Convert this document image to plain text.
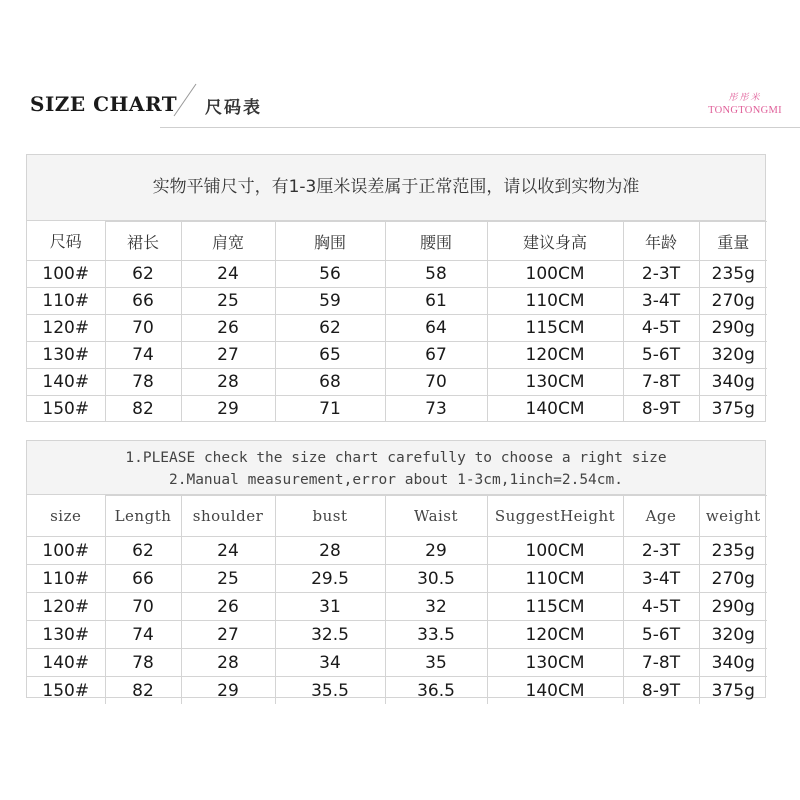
SIZE CHART 尺码表	彤彤米
TONGTONGMI
实物平铺尺寸，有1-3厘米误差属于正常范围，请以收到实物为准
尺码	裙长	肩宽	胸围	腰围	建议身高	年龄	重量
100#	62	24	56	58	100CM	2-3T	235g
110#	66	25	59	61	110CM	3-4T	270g
120#	70	26	62	64	115CM	4-5T	290g
130#	74	27	65	67	120CM	5-6T	320g
140#	78	28	68	70	130CM	7-8T	340g
150#	82	29	71	73	140CM	8-9T	375g
1.PLEASE check the size chart carefully to choose a right size
2.Manual measurement,error about 1-3cm,1inch=2.54cm.
size	Length	shoulder	bust	Waist	SuggestHeight	Age	weight
100#	62	24	28	29	100CM	2-3T	235g
110#	66	25	29.5	30.5	110CM	3-4T	270g
120#	70	26	31	32	115CM	4-5T	290g
130#	74	27	32.5	33.5	120CM	5-6T	320g
140#	78	28	34	35	130CM	7-8T	340g
150#	82	29	35.5	36.5	140CM	8-9T	375g
